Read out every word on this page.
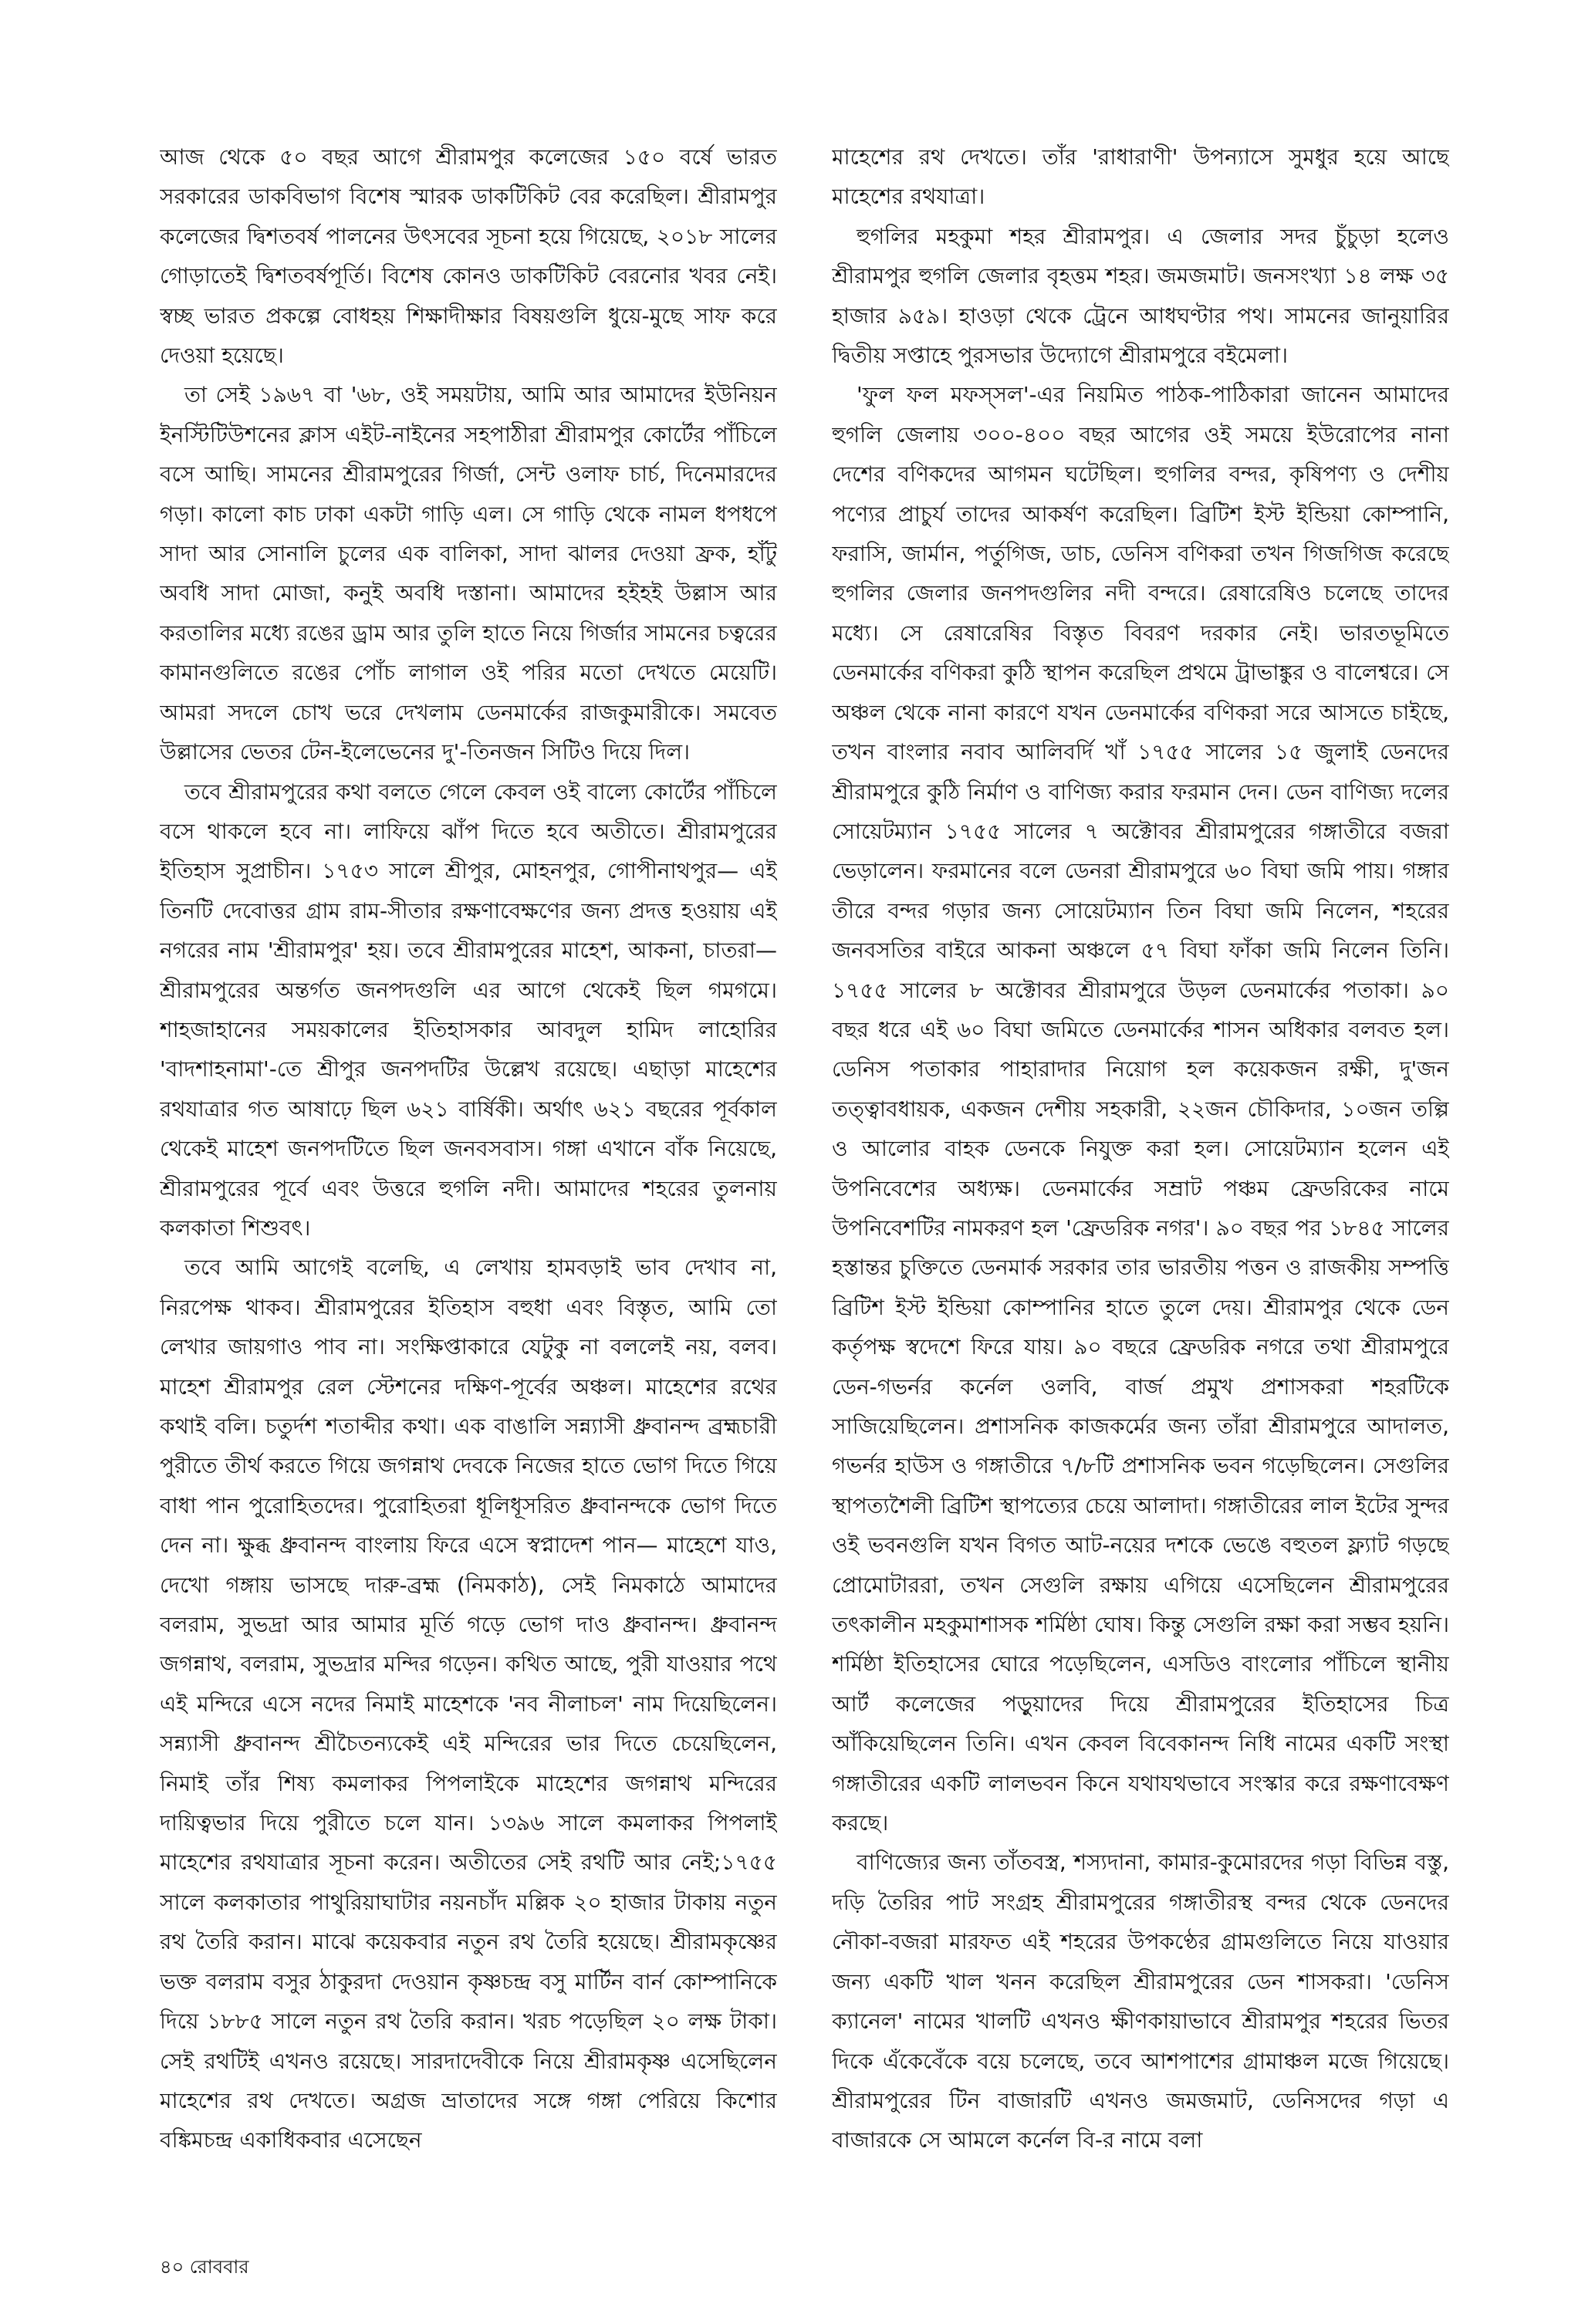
আজ থেকে ৫০ বছর আগে শ্রীরামপুর কলেজের ১৫০ বর্ষে ভারত সরকারের ডাকবিভাগ বিশেষ স্মারক ডাকটিকিট বের করেছিল। শ্রীরামপুর কলেজের দ্বিশতবর্ষ পালনের উৎসবের সূচনা হয়ে গিয়েছে, ২০১৮ সালের গোড়াতেই দ্বিশতবর্ষপূর্তি। বিশেষ কোনও ডাকটিকিট বেরনোর খবর নেই। স্বচ্ছ ভারত প্রকল্পে বোধহয় শিক্ষাদীক্ষার বিষয়গুলি ধুয়ে-মুছে সাফ করে দেওয়া হয়েছে।

তা সেই ১৯৬৭ বা '৬৮, ওই সময়টায়, আমি আর আমাদের ইউনিয়ন ইনস্টিটিউশনের ক্লাস এইট-নাইনের সহপাঠীরা শ্রীরামপুর কোর্টের পাঁচিলে বসে আছি। সামনের শ্রীরামপুরের গির্জা, সেন্ট ওলাফ চার্চ, দিনেমারদের গড়া। কালো কাচ ঢাকা একটা গাড়ি এল। সে গাড়ি থেকে নামল ধপধপে সাদা আর সোনালি চুলের এক বালিকা, সাদা ঝালর দেওয়া ফ্রক, হাঁটু অবধি সাদা মোজা, কনুই অবধি দস্তানা। আমাদের হইহই উল্লাস আর করতালির মধ্যে রঙের ড্রাম আর তুলি হাতে নিয়ে গির্জার সামনের চত্বরের কামানগুলিতে রঙের পোঁচ লাগাল ওই পরির মতো দেখতে মেয়েটি। আমরা সদলে চোখ ভরে দেখলাম ডেনমার্কের রাজকুমারীকে। সমবেত উল্লাসের ভেতর টেন-ইলেভেনের দু'-তিনজন সিটিও দিয়ে দিল।

তবে শ্রীরামপুরের কথা বলতে গেলে কেবল ওই বাল্যে কোর্টের পাঁচিলে বসে থাকলে হবে না। লাফিয়ে ঝাঁপ দিতে হবে অতীতে। শ্রীরামপুরের ইতিহাস সুপ্রাচীন। ১৭৫৩ সালে শ্রীপুর, মোহনপুর, গোপীনাথপুর— এই তিনটি দেবোত্তর গ্রাম রাম-সীতার রক্ষণাবেক্ষণের জন্য প্রদত্ত হওয়ায় এই নগরের নাম 'শ্রীরামপুর' হয়। তবে শ্রীরামপুরের মাহেশ, আকনা, চাতরা— শ্রীরামপুরের অন্তর্গত জনপদগুলি এর আগে থেকেই ছিল গমগমে। শাহজাহানের সময়কালের ইতিহাসকার আবদুল হামিদ লাহোরির 'বাদশাহনামা'-তে শ্রীপুর জনপদটির উল্লেখ রয়েছে। এছাড়া মাহেশের রথযাত্রার গত আষাঢ়ে ছিল ৬২১ বার্ষিকী। অর্থাৎ ৬২১ বছরের পূর্বকাল থেকেই মাহেশ জনপদটিতে ছিল জনবসবাস। গঙ্গা এখানে বাঁক নিয়েছে, শ্রীরামপুরের পূর্বে এবং উত্তরে হুগলি নদী। আমাদের শহরের তুলনায় কলকাতা শিশুবৎ।

তবে আমি আগেই বলেছি, এ লেখায় হামবড়াই ভাব দেখাব না, নিরপেক্ষ থাকব। শ্রীরামপুরের ইতিহাস বহুধা এবং বিস্তৃত, আমি তো লেখার জায়গাও পাব না। সংক্ষিপ্তাকারে যেটুকু না বললেই নয়, বলব। মাহেশ শ্রীরামপুর রেল স্টেশনের দক্ষিণ-পূর্বের অঞ্চল। মাহেশের রথের কথাই বলি। চতুর্দশ শতাব্দীর কথা। এক বাঙালি সন্ন্যাসী ধ্রুবানন্দ ব্রহ্মচারী পুরীতে তীর্থ করতে গিয়ে জগন্নাথ দেবকে নিজের হাতে ভোগ দিতে গিয়ে বাধা পান পুরোহিতদের। পুরোহিতরা ধূলিধূসরিত ধ্রুবানন্দকে ভোগ দিতে দেন না। ক্ষুব্ধ ধ্রুবানন্দ বাংলায় ফিরে এসে স্বপ্নাদেশ পান— মাহেশে যাও, দেখো গঙ্গায় ভাসছে দারু-ব্রহ্ম (নিমকাঠ), সেই নিমকাঠে আমাদের বলরাম, সুভদ্রা আর আমার মূর্তি গড়ে ভোগ দাও ধ্রুবানন্দ। ধ্রুবানন্দ জগন্নাথ, বলরাম, সুভদ্রার মন্দির গড়েন। কথিত আছে, পুরী যাওয়ার পথে এই মন্দিরে এসে নদের নিমাই মাহেশকে 'নব নীলাচল' নাম দিয়েছিলেন। সন্ন্যাসী ধ্রুবানন্দ শ্রীচৈতন্যকেই এই মন্দিরের ভার দিতে চেয়েছিলেন, নিমাই তাঁর শিষ্য কমলাকর পিপলাইকে মাহেশের জগন্নাথ মন্দিরের দায়িত্বভার দিয়ে পুরীতে চলে যান। ১৩৯৬ সালে কমলাকর পিপলাই মাহেশের রথযাত্রার সূচনা করেন। অতীতের সেই রথটি আর নেই;১৭৫৫ সালে কলকাতার পাথুরিয়াঘাটার নয়নচাঁদ মল্লিক ২০ হাজার টাকায় নতুন রথ তৈরি করান। মাঝে কয়েকবার নতুন রথ তৈরি হয়েছে। শ্রীরামকৃষ্ণের ভক্ত বলরাম বসুর ঠাকুরদা দেওয়ান কৃষ্ণচন্দ্র বসু মার্টিন বার্ন কোম্পানিকে দিয়ে ১৮৮৫ সালে নতুন রথ তৈরি করান। খরচ পড়েছিল ২০ লক্ষ টাকা। সেই রথটিই এখনও রয়েছে। সারদাদেবীকে নিয়ে শ্রীরামকৃষ্ণ এসেছিলেন মাহেশের রথ দেখতে। অগ্রজ ভ্রাতাদের সঙ্গে গঙ্গা পেরিয়ে কিশোর বঙ্কিমচন্দ্র একাধিকবার এসেছেন

মাহেশের রথ দেখতে। তাঁর 'রাধারাণী' উপন্যাসে সুমধুর হয়ে আছে মাহেশের রথযাত্রা।

হুগলির মহকুমা শহর শ্রীরামপুর। এ জেলার সদর চুঁচুড়া হলেও শ্রীরামপুর হুগলি জেলার বৃহত্তম শহর। জমজমাট। জনসংখ্যা ১৪ লক্ষ ৩৫ হাজার ৯৫৯। হাওড়া থেকে ট্রেনে আধঘণ্টার পথ। সামনের জানুয়ারির দ্বিতীয় সপ্তাহে পুরসভার উদ্যোগে শ্রীরামপুরে বইমেলা।

'ফুল ফল মফস্সল'-এর নিয়মিত পাঠক-পাঠিকারা জানেন আমাদের হুগলি জেলায় ৩০০-৪০০ বছর আগের ওই সময়ে ইউরোপের নানা দেশের বণিকদের আগমন ঘটেছিল। হুগলির বন্দর, কৃষিপণ্য ও দেশীয় পণ্যের প্রাচুর্য তাদের আকর্ষণ করেছিল। ব্রিটিশ ইস্ট ইন্ডিয়া কোম্পানি, ফরাসি, জার্মান, পর্তুগিজ, ডাচ, ডেনিস বণিকরা তখন গিজগিজ করেছে হুগলির জেলার জনপদগুলির নদী বন্দরে। রেষারেষিও চলেছে তাদের মধ্যে। সে রেষারেষির বিস্তৃত বিবরণ দরকার নেই। ভারতভূমিতে ডেনমার্কের বণিকরা কুঠি স্থাপন করেছিল প্রথমে ট্রাভাঙ্কুর ও বালেশ্বরে। সে অঞ্চল থেকে নানা কারণে যখন ডেনমার্কের বণিকরা সরে আসতে চাইছে, তখন বাংলার নবাব আলিবর্দি খাঁ ১৭৫৫ সালের ১৫ জুলাই ডেনদের শ্রীরামপুরে কুঠি নির্মাণ ও বাণিজ্য করার ফরমান দেন। ডেন বাণিজ্য দলের সোয়েটম্যান ১৭৫৫ সালের ৭ অক্টোবর শ্রীরামপুরের গঙ্গাতীরে বজরা ভেড়ালেন। ফরমানের বলে ডেনরা শ্রীরামপুরে ৬০ বিঘা জমি পায়। গঙ্গার তীরে বন্দর গড়ার জন্য সোয়েটম্যান তিন বিঘা জমি নিলেন, শহরের জনবসতির বাইরে আকনা অঞ্চলে ৫৭ বিঘা ফাঁকা জমি নিলেন তিনি। ১৭৫৫ সালের ৮ অক্টোবর শ্রীরামপুরে উড়ল ডেনমার্কের পতাকা। ৯০ বছর ধরে এই ৬০ বিঘা জমিতে ডেনমার্কের শাসন অধিকার বলবত হল। ডেনিস পতাকার পাহারাদার নিয়োগ হল কয়েকজন রক্ষী, দু'জন তত্ত্বাবধায়ক, একজন দেশীয় সহকারী, ২২জন চৌকিদার, ১০জন তল্পি ও আলোর বাহক ডেনকে নিযুক্ত করা হল। সোয়েটম্যান হলেন এই উপনিবেশের অধ্যক্ষ। ডেনমার্কের সম্রাট পঞ্চম ফ্রেডরিকের নামে উপনিবেশটির নামকরণ হল 'ফ্রেডরিক নগর'। ৯০ বছর পর ১৮৪৫ সালের হস্তান্তর চুক্তিতে ডেনমার্ক সরকার তার ভারতীয় পত্তন ও রাজকীয় সম্পত্তি ব্রিটিশ ইস্ট ইন্ডিয়া কোম্পানির হাতে তুলে দেয়। শ্রীরামপুর থেকে ডেন কর্তৃপক্ষ স্বদেশে ফিরে যায়। ৯০ বছরে ফ্রেডরিক নগরে তথা শ্রীরামপুরে ডেন-গভর্নর কর্নেল ওলবি, বার্জ প্রমুখ প্রশাসকরা শহরটিকে সাজিয়েছিলেন। প্রশাসনিক কাজকর্মের জন্য তাঁরা শ্রীরামপুরে আদালত, গভর্নর হাউস ও গঙ্গাতীরে ৭/৮টি প্রশাসনিক ভবন গড়েছিলেন। সেগুলির স্থাপত্যশৈলী ব্রিটিশ স্থাপত্যের চেয়ে আলাদা। গঙ্গাতীরের লাল ইটের সুন্দর ওই ভবনগুলি যখন বিগত আট-নয়ের দশকে ভেঙে বহুতল ফ্ল্যাট গড়ছে প্রোমোটাররা, তখন সেগুলি রক্ষায় এগিয়ে এসেছিলেন শ্রীরামপুরের তৎকালীন মহকুমাশাসক শর্মিষ্ঠা ঘোষ। কিন্তু সেগুলি রক্ষা করা সম্ভব হয়নি। শর্মিষ্ঠা ইতিহাসের ঘোরে পড়েছিলেন, এসডিও বাংলোর পাঁচিলে স্থানীয় আর্ট কলেজের পড়ুয়াদের দিয়ে শ্রীরামপুরের ইতিহাসের চিত্র আঁকিয়েছিলেন তিনি। এখন কেবল বিবেকানন্দ নিধি নামের একটি সংস্থা গঙ্গাতীরের একটি লালভবন কিনে যথাযথভাবে সংস্কার করে রক্ষণাবেক্ষণ করছে।

বাণিজ্যের জন্য তাঁতবস্ত্র, শস্যদানা, কামার-কুমোরদের গড়া বিভিন্ন বস্তু, দড়ি তৈরির পাট সংগ্রহ শ্রীরামপুরের গঙ্গাতীরস্থ বন্দর থেকে ডেনদের নৌকা-বজরা মারফত এই শহরের উপকণ্ঠের গ্রামগুলিতে নিয়ে যাওয়ার জন্য একটি খাল খনন করেছিল শ্রীরামপুরের ডেন শাসকরা। 'ডেনিস ক্যানেল' নামের খালটি এখনও ক্ষীণকায়াভাবে শ্রীরামপুর শহরের ভিতর দিকে এঁকেবেঁকে বয়ে চলেছে, তবে আশপাশের গ্রামাঞ্চল মজে গিয়েছে। শ্রীরামপুরের টিন বাজারটি এখনও জমজমাট, ডেনিসদের গড়া এ বাজারকে সে আমলে কর্নেল বি-র নামে বলা

৪০ রোববার
